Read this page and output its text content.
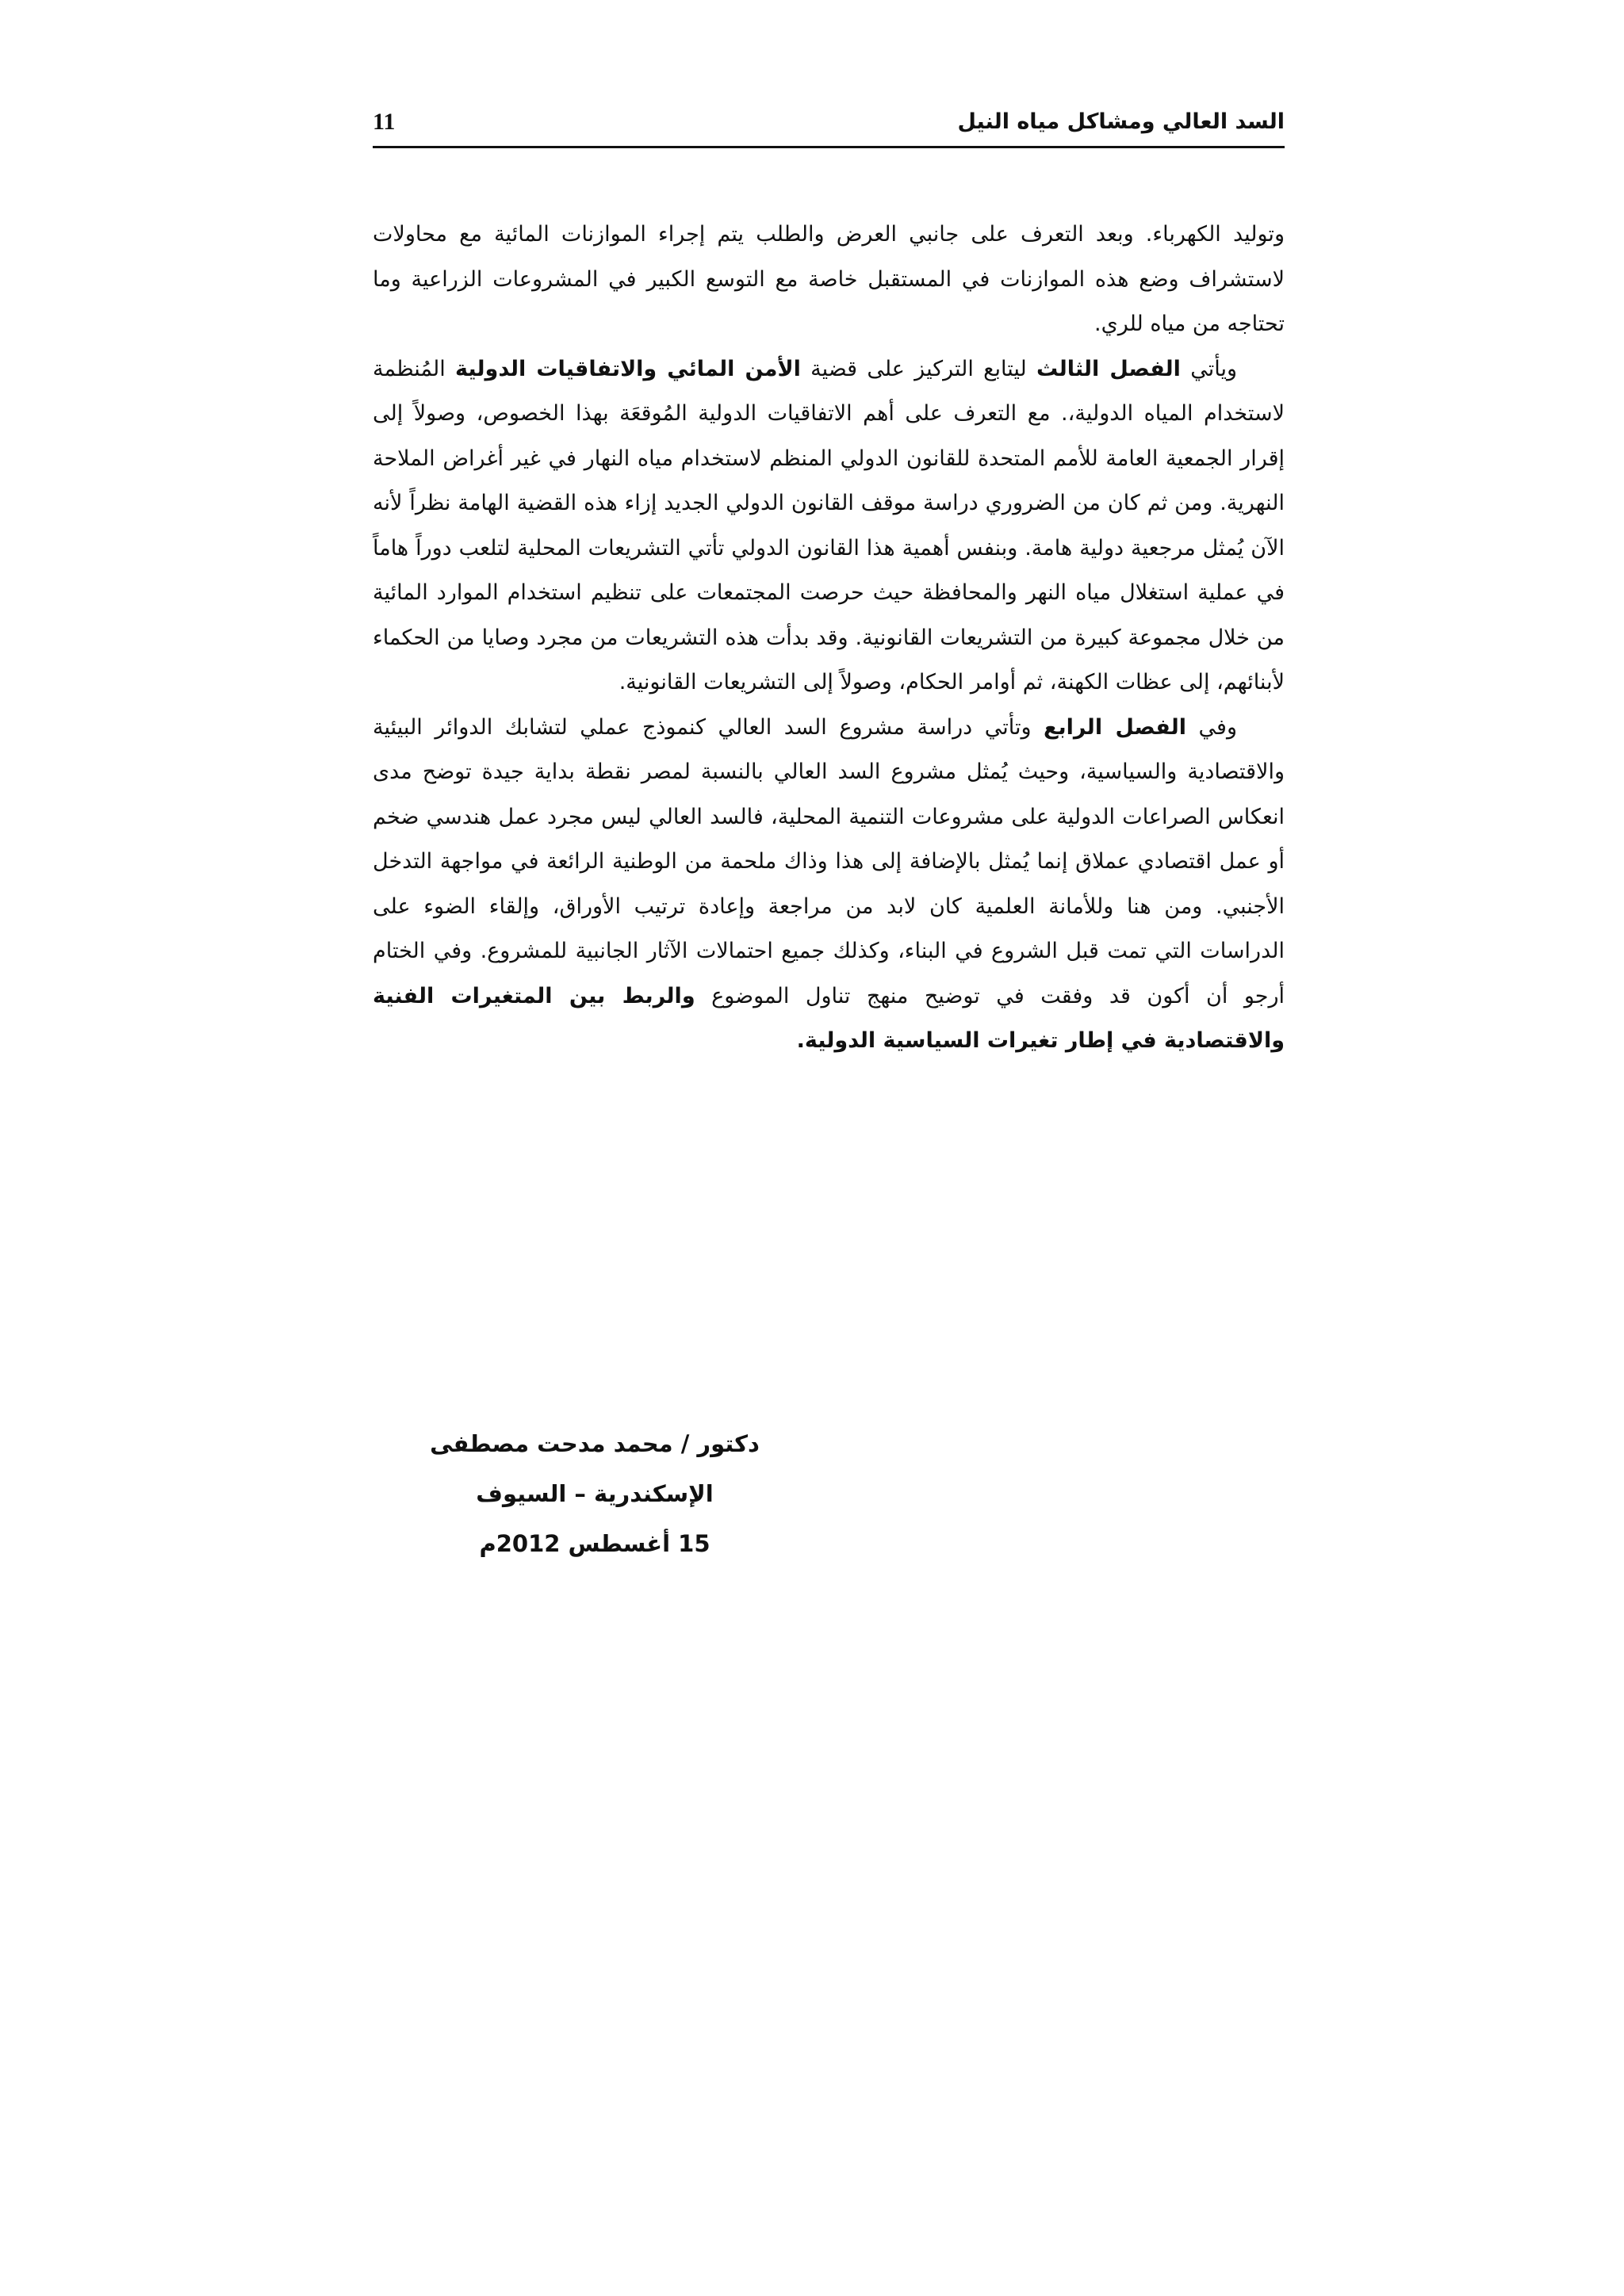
السد العالي ومشاكل مياه النيل
11

وتوليد الكهرباء. وبعد التعرف على جانبي العرض والطلب يتم إجراء الموازنات المائية مع محاولات لاستشراف وضع هذه الموازنات في المستقبل خاصة مع التوسع الكبير في المشروعات الزراعية وما تحتاجه من مياه للري.

ويأتي الفصل الثالث ليتابع التركيز على قضية الأمن المائي والاتفاقيات الدولية المُنظمة لاستخدام المياه الدولية،. مع التعرف على أهم الاتفاقيات الدولية المُوقعَة بهذا الخصوص، وصولاً إلى إقرار الجمعية العامة للأمم المتحدة للقانون الدولي المنظم لاستخدام مياه النهار في غير أغراض الملاحة النهرية. ومن ثم كان من الضروري دراسة موقف القانون الدولي الجديد إزاء هذه القضية الهامة نظراً لأنه الآن يُمثل مرجعية دولية هامة. وبنفس أهمية هذا القانون الدولي تأتي التشريعات المحلية لتلعب دوراً هاماً في عملية استغلال مياه النهر والمحافظة حيث حرصت المجتمعات على تنظيم استخدام الموارد المائية من خلال مجموعة كبيرة من التشريعات القانونية. وقد بدأت هذه التشريعات من مجرد وصايا من الحكماء لأبنائهم، إلى عظات الكهنة، ثم أوامر الحكام، وصولاً إلى التشريعات القانونية.

وفي الفصل الرابع وتأتي دراسة مشروع السد العالي كنموذج عملي لتشابك الدوائر البيئية والاقتصادية والسياسية، وحيث يُمثل مشروع السد العالي بالنسبة لمصر نقطة بداية جيدة توضح مدى انعكاس الصراعات الدولية على مشروعات التنمية المحلية، فالسد العالي ليس مجرد عمل هندسي ضخم أو عمل اقتصادي عملاق إنما يُمثل بالإضافة إلى هذا وذاك ملحمة من الوطنية الرائعة في مواجهة التدخل الأجنبي. ومن هنا وللأمانة العلمية كان لابد من مراجعة وإعادة ترتيب الأوراق، وإلقاء الضوء على الدراسات التي تمت قبل الشروع في البناء، وكذلك جميع احتمالات الآثار الجانبية للمشروع. وفي الختام أرجو أن أكون قد وفقت في توضيح منهج تناول الموضوع والربط بين المتغيرات الفنية والاقتصادية في إطار تغيرات السياسية الدولية.

دكتور / محمد مدحت مصطفى
الإسكندرية – السيوف
15 أغسطس 2012م
